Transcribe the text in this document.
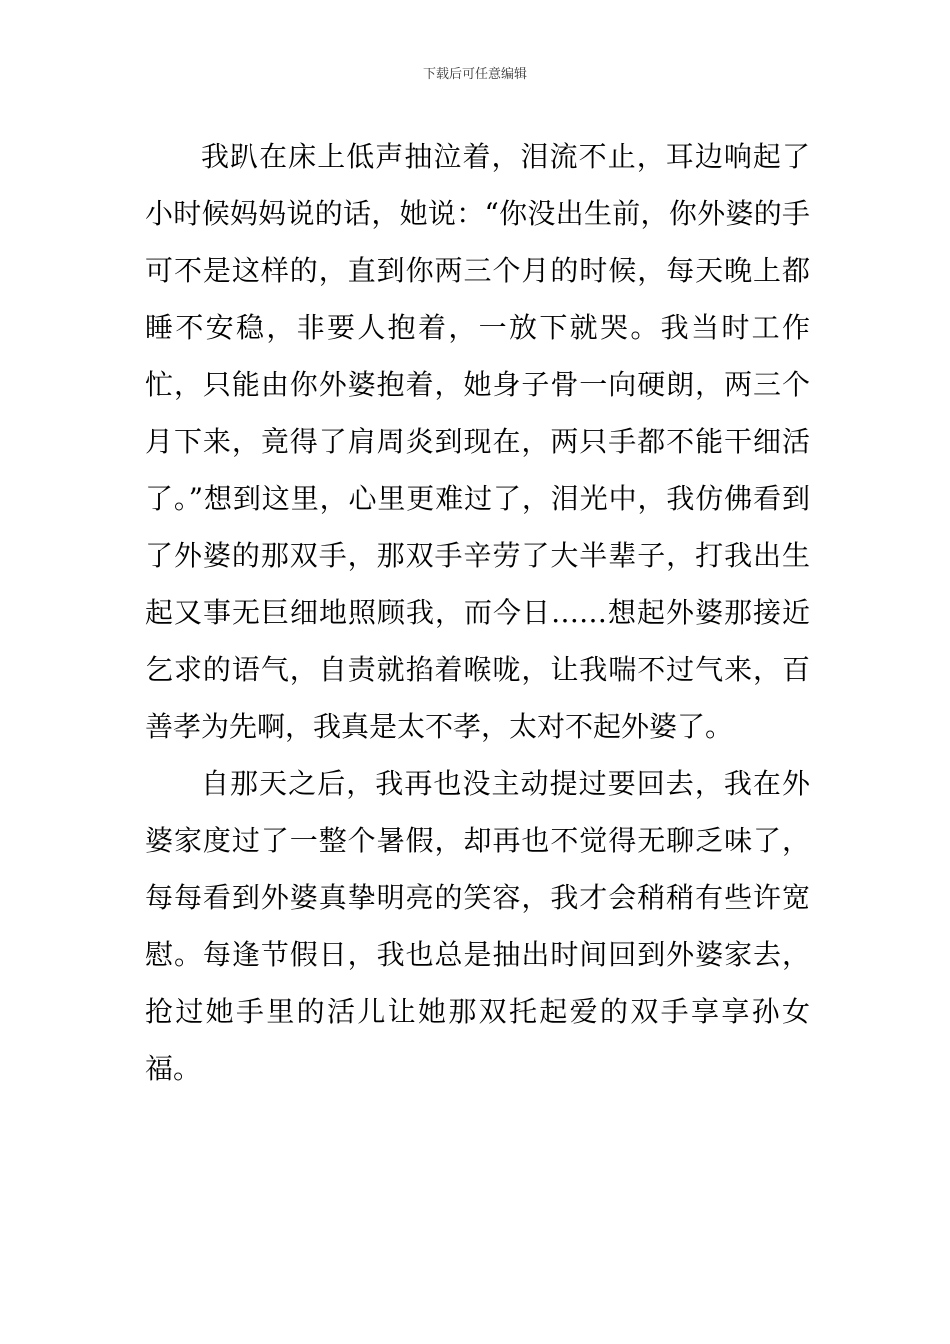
下载后可任意编辑

我趴在床上低声抽泣着，泪流不止，耳边响起了小时候妈妈说的话，她说：“你没出生前，你外婆的手可不是这样的，直到你两三个月的时候，每天晚上都睡不安稳，非要人抱着，一放下就哭。我当时工作忙，只能由你外婆抱着，她身子骨一向硬朗，两三个月下来，竟得了肩周炎到现在，两只手都不能干细活了。”想到这里，心里更难过了，泪光中，我仿佛看到了外婆的那双手，那双手辛劳了大半辈子，打我出生起又事无巨细地照顾我，而今日……想起外婆那接近乞求的语气，自责就掐着喉咙，让我喘不过气来，百善孝为先啊，我真是太不孝，太对不起外婆了。

自那天之后，我再也没主动提过要回去，我在外婆家度过了一整个暑假，却再也不觉得无聊乏味了，每每看到外婆真挚明亮的笑容，我才会稍稍有些许宽慰。每逢节假日，我也总是抽出时间回到外婆家去，抢过她手里的活儿让她那双托起爱的双手享享孙女福。
